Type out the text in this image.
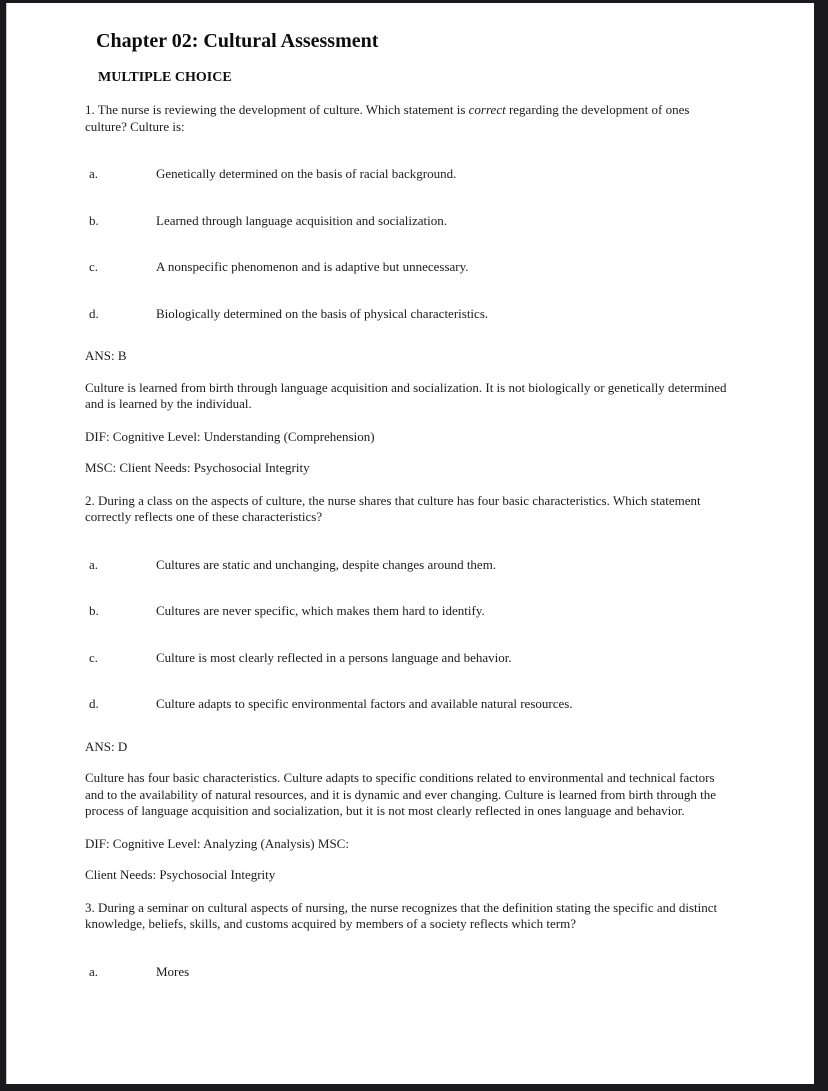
Chapter 02: Cultural Assessment
MULTIPLE CHOICE

1. The nurse is reviewing the development of culture. Which statement is correct regarding the development of ones culture? Culture is:

a.	Genetically determined on the basis of racial background.
b.	Learned through language acquisition and socialization.
c.	A nonspecific phenomenon and is adaptive but unnecessary.
d.	Biologically determined on the basis of physical characteristics.

ANS: B

Culture is learned from birth through language acquisition and socialization. It is not biologically or genetically determined and is learned by the individual.

DIF: Cognitive Level: Understanding (Comprehension)

MSC: Client Needs: Psychosocial Integrity

2. During a class on the aspects of culture, the nurse shares that culture has four basic characteristics. Which statement correctly reflects one of these characteristics?

a.	Cultures are static and unchanging, despite changes around them.
b.	Cultures are never specific, which makes them hard to identify.
c.	Culture is most clearly reflected in a persons language and behavior.
d.	Culture adapts to specific environmental factors and available natural resources.

ANS: D

Culture has four basic characteristics. Culture adapts to specific conditions related to environmental and technical factors and to the availability of natural resources, and it is dynamic and ever changing. Culture is learned from birth through the process of language acquisition and socialization, but it is not most clearly reflected in ones language and behavior.

DIF: Cognitive Level: Analyzing (Analysis) MSC:

Client Needs: Psychosocial Integrity

3. During a seminar on cultural aspects of nursing, the nurse recognizes that the definition stating the specific and distinct knowledge, beliefs, skills, and customs acquired by members of a society reflects which term?

a.	Mores
